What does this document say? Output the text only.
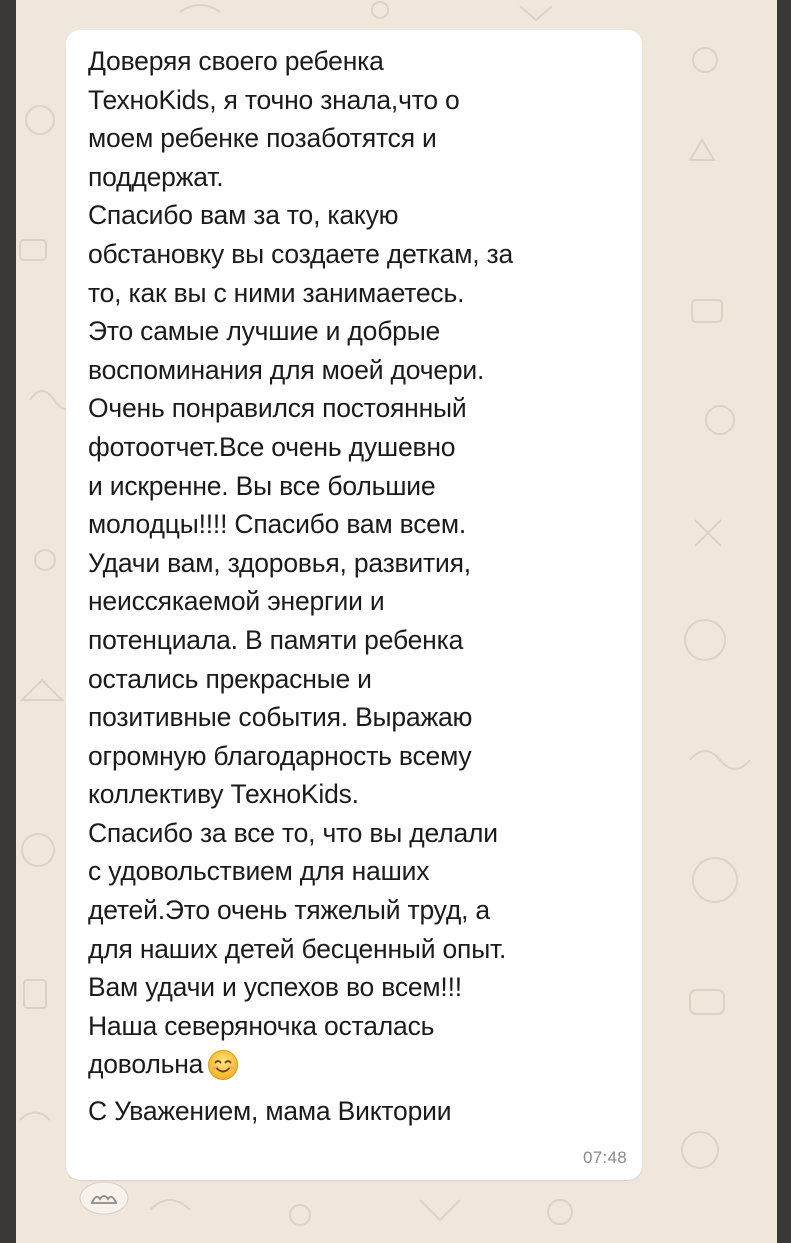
Доверяя своего ребенка
ТехноKids, я точно знала,что о
моем ребенке позаботятся и
поддержат.
Спасибо вам за то, какую
обстановку вы создаете деткам, за
то, как вы с ними занимаетесь.
Это самые лучшие и добрые
воспоминания для моей дочери.
Очень понравился постоянный
фотоотчет.Все очень душевно
и искренне. Вы все большие
молодцы!!!! Спасибо вам всем.
Удачи вам, здоровья, развития,
неиссякаемой энергии и
потенциала. В памяти ребенка
остались прекрасные и
позитивные события. Выражаю
огромную благодарность всему
коллективу ТехноKids.
Спасибо за все то, что вы делали
с удовольствием для наших
детей.Это очень тяжелый труд, а
для наших детей бесценный опыт.
Вам удачи и успехов во всем!!!
Наша северяночка осталась
довольна
С Уважением, мама Виктории

07:48
